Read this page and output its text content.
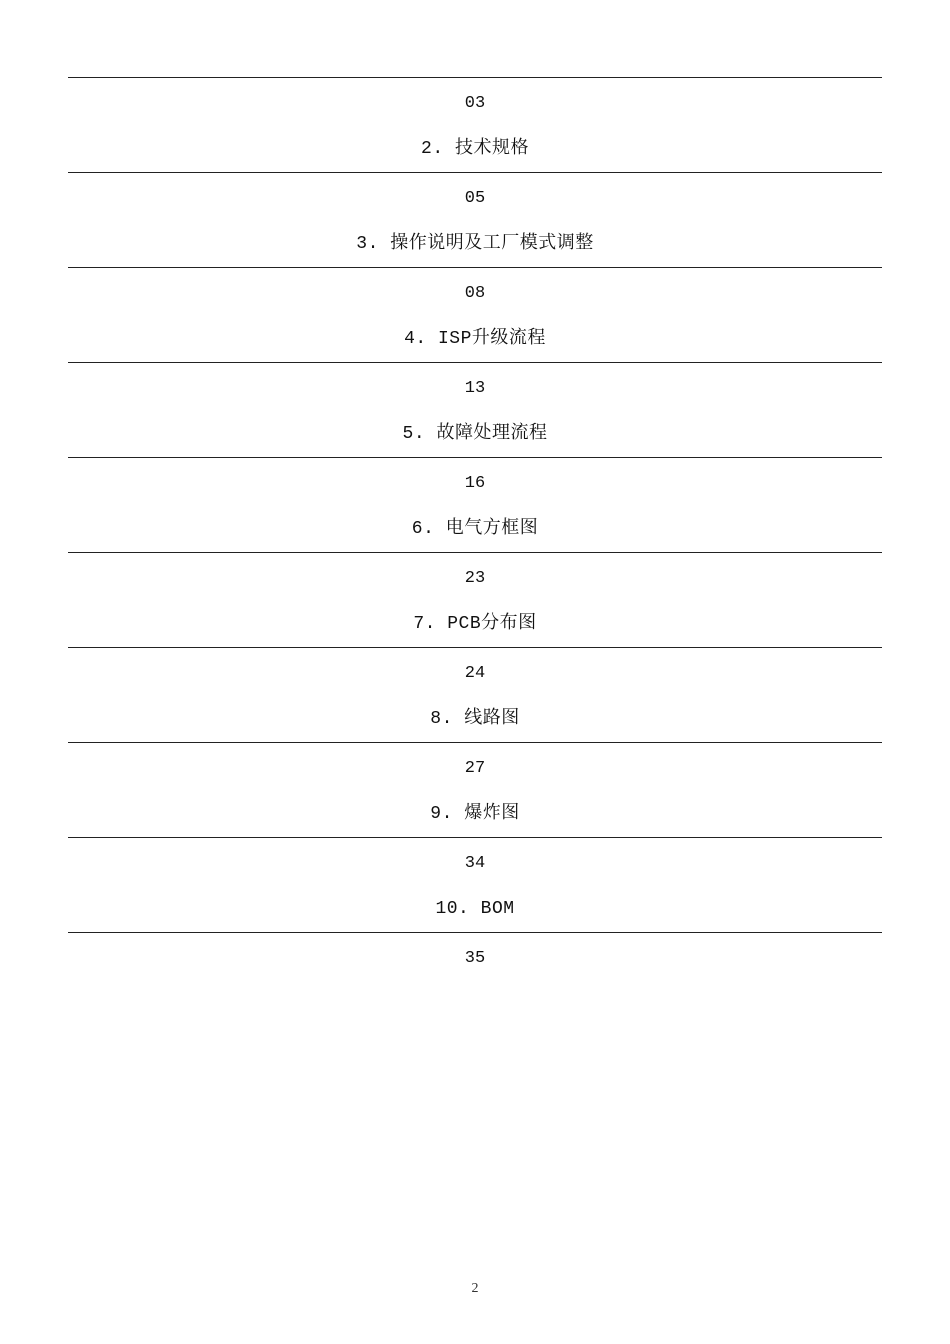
03
2. 技术规格
05
3. 操作说明及工厂模式调整
08
4. ISP升级流程
13
5. 故障处理流程
16
6. 电气方框图
23
7. PCB分布图
24
8. 线路图
27
9. 爆炸图
34
10. BOM
35
2
